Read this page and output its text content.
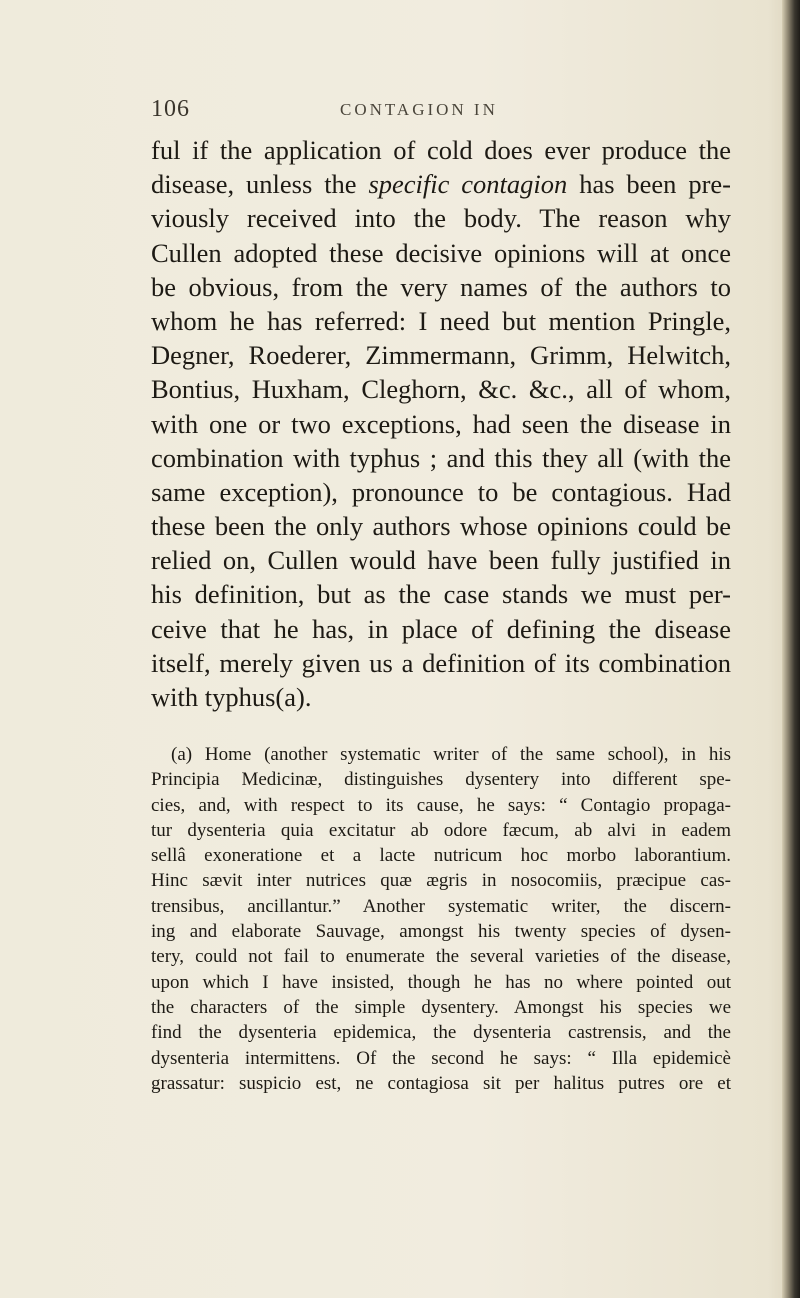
106	CONTAGION IN
ful if the application of cold does ever produce the
disease, unless the specific contagion has been pre-
viously received into the body. The reason why
Cullen adopted these decisive opinions will at once
be obvious, from the very names of the authors to
whom he has referred: I need but mention Pringle,
Degner, Roederer, Zimmermann, Grimm, Helwitch,
Bontius, Huxham, Cleghorn, &c. &c., all of whom,
with one or two exceptions, had seen the disease in
combination with typhus ; and this they all (with the
same exception), pronounce to be contagious. Had
these been the only authors whose opinions could be
relied on, Cullen would have been fully justified in
his definition, but as the case stands we must per-
ceive that he has, in place of defining the disease
itself, merely given us a definition of its combination
with typhus(a).
(a) Home (another systematic writer of the same school), in his
Principia Medicinæ, distinguishes dysentery into different spe-
cies, and, with respect to its cause, he says: “ Contagio propaga-
tur dysenteria quia excitatur ab odore fæcum, ab alvi in eadem
sellâ exoneratione et a lacte nutricum hoc morbo laborantium.
Hinc sævit inter nutrices quæ ægris in nosocomiis, præcipue cas-
trensibus, ancillantur.” Another systematic writer, the discern-
ing and elaborate Sauvage, amongst his twenty species of dysen-
tery, could not fail to enumerate the several varieties of the disease,
upon which I have insisted, though he has no where pointed out
the characters of the simple dysentery. Amongst his species we
find the dysenteria epidemica, the dysenteria castrensis, and the
dysenteria intermittens. Of the second he says: “ Illa epidemicè
grassatur: suspicio est, ne contagiosa sit per halitus putres ore et
